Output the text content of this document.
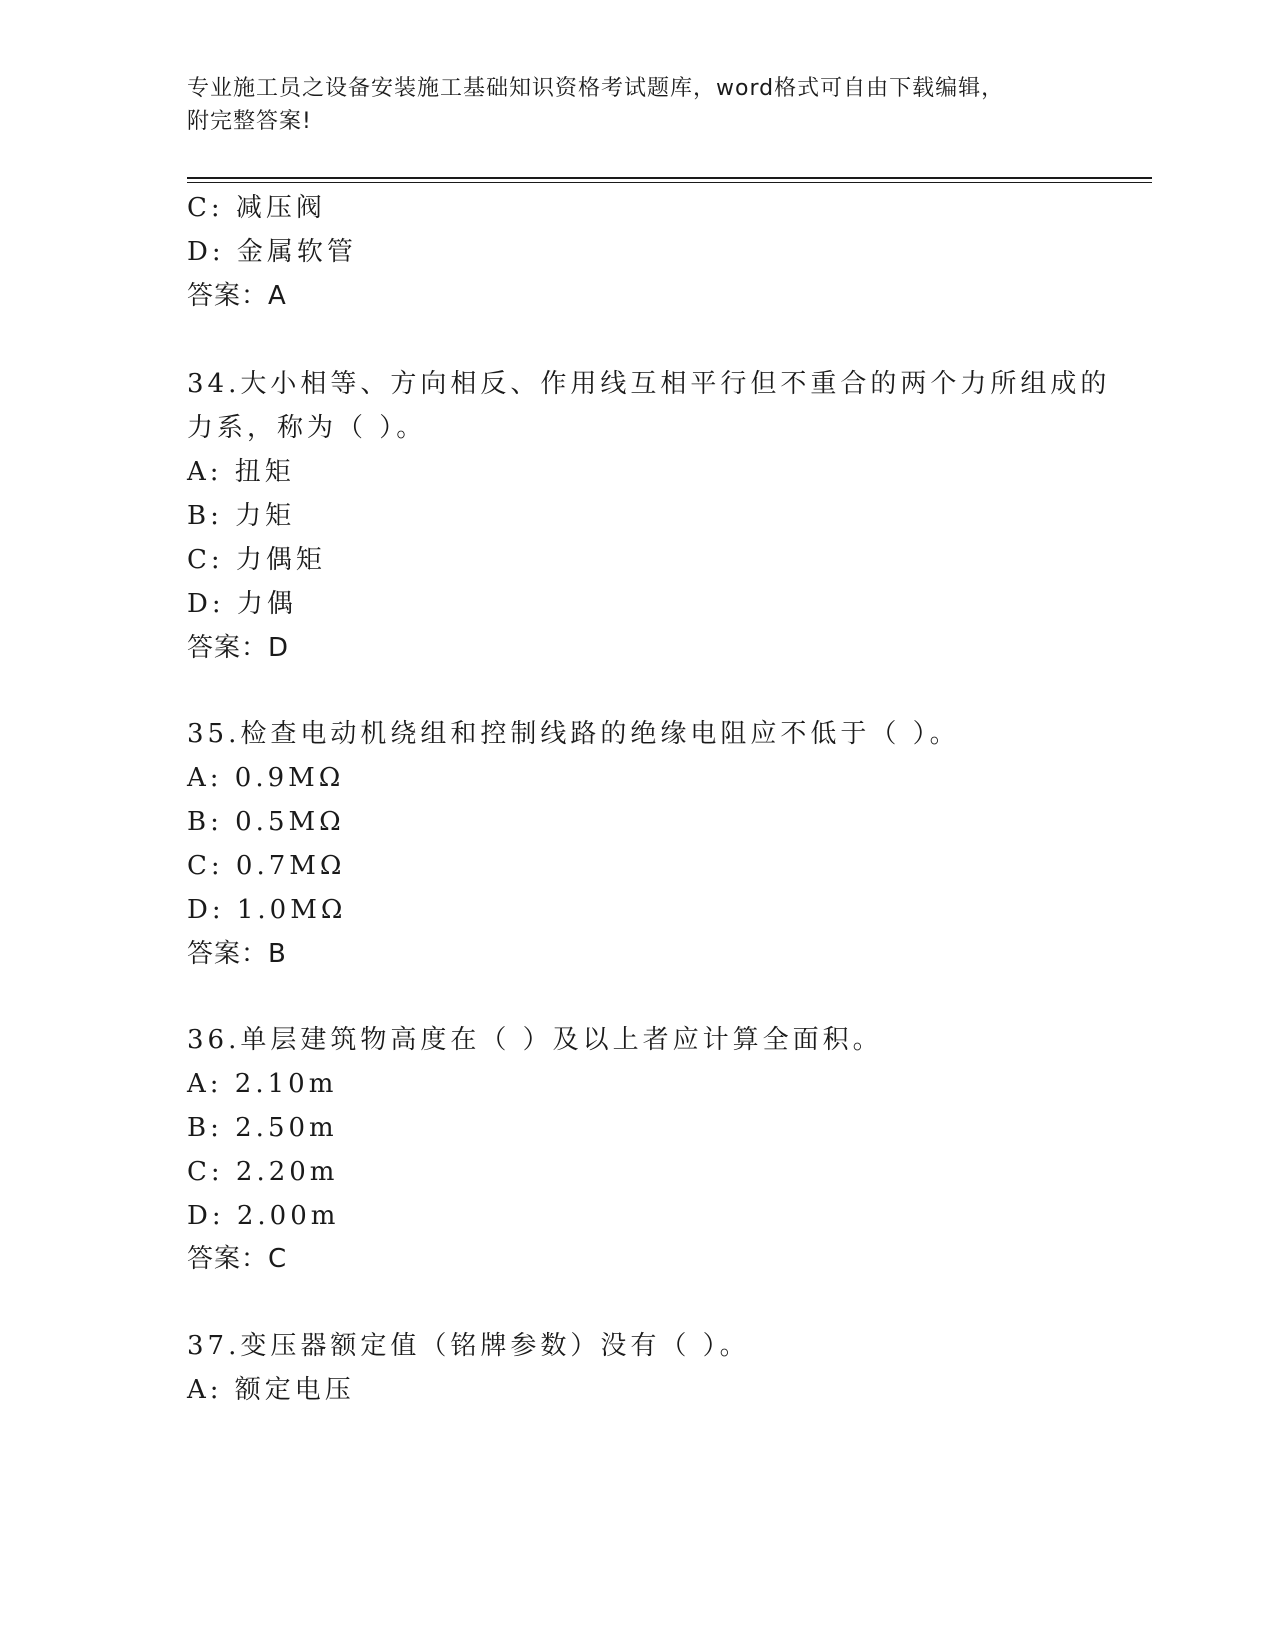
专业施工员之设备安装施工基础知识资格考试题库，word格式可自由下载编辑，
附完整答案!
C: 减压阀
D: 金属软管
答案：A
34.大小相等、方向相反、作用线互相平行但不重合的两个力所组成的
力系，称为（ ）。
A: 扭矩
B: 力矩
C: 力偶矩
D: 力偶
答案：D
35.检查电动机绕组和控制线路的绝缘电阻应不低于（ ）。
A: 0.9MΩ
B: 0.5MΩ
C: 0.7MΩ
D: 1.0MΩ
答案：B
36.单层建筑物高度在（ ）及以上者应计算全面积。
A: 2.10m
B: 2.50m
C: 2.20m
D: 2.00m
答案：C
37.变压器额定值（铭牌参数）没有（ ）。
A: 额定电压
